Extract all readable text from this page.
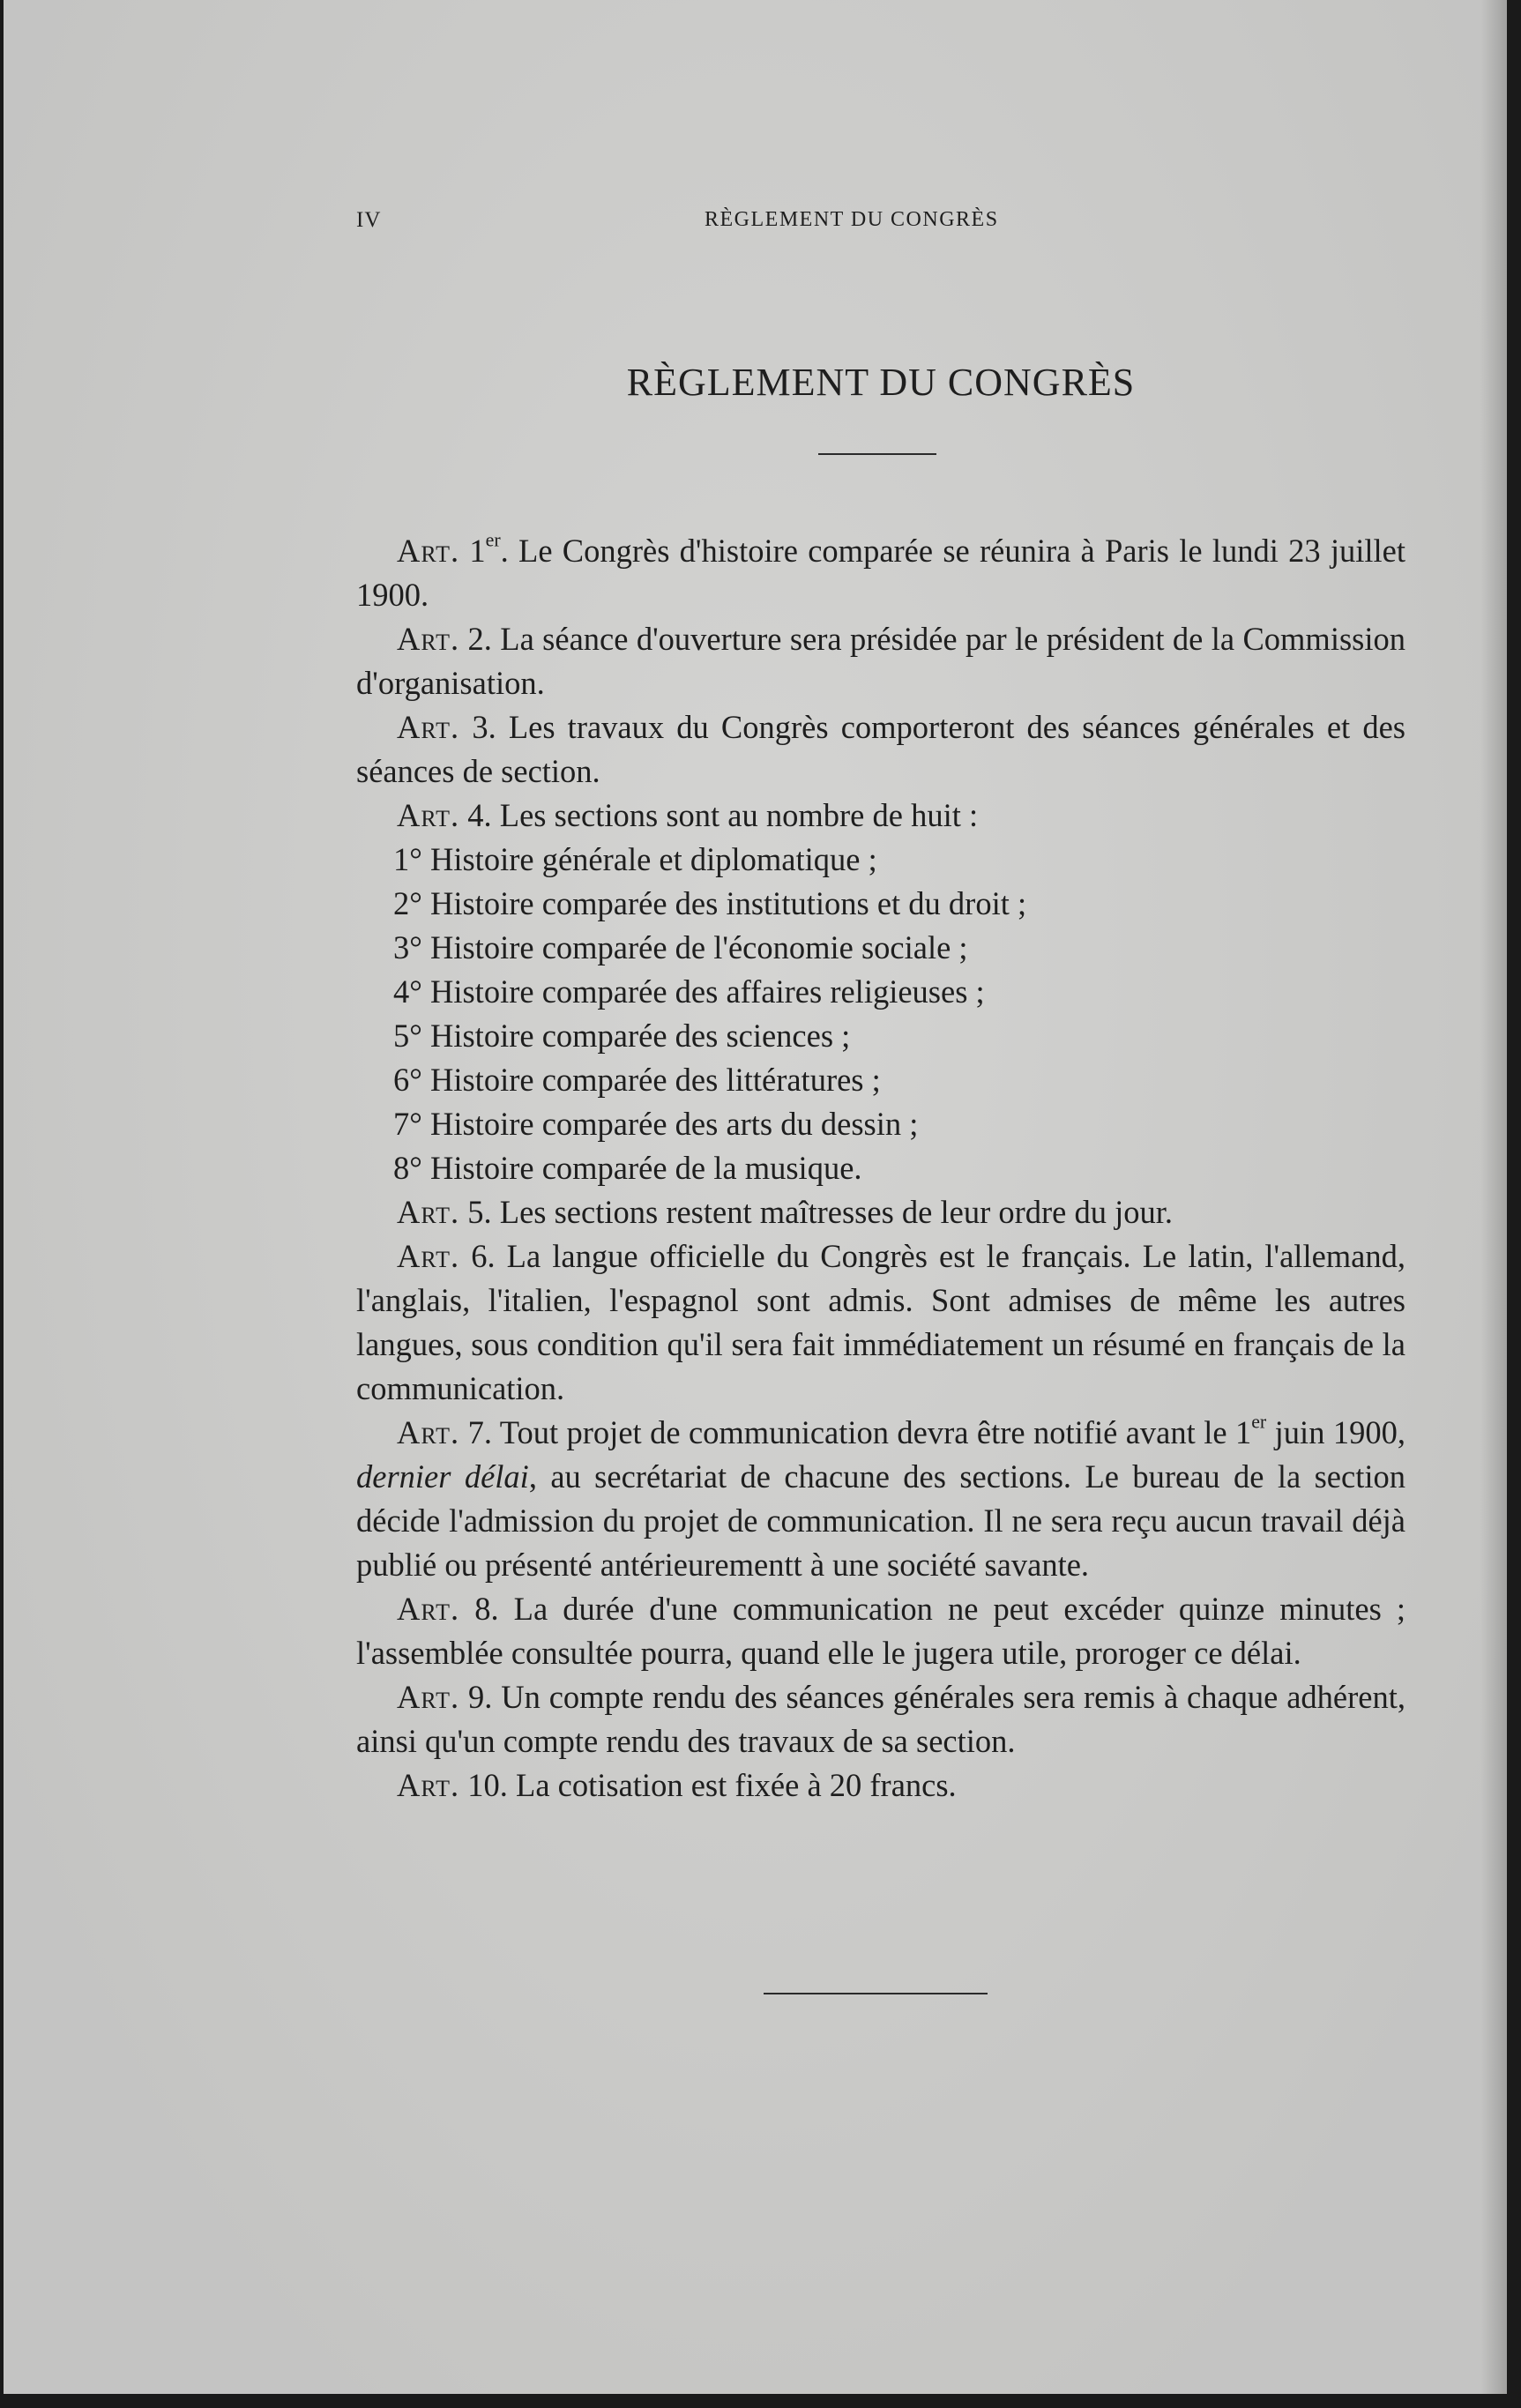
IV	RÈGLEMENT DU CONGRÈS
RÈGLEMENT DU CONGRÈS

Art. 1er. Le Congrès d'histoire comparée se réunira à Paris le lundi 23 juillet 1900.

Art. 2. La séance d'ouverture sera présidée par le président de la Commission d'organisation.

Art. 3. Les travaux du Congrès comporteront des séances générales et des séances de section.

Art. 4. Les sections sont au nombre de huit :

1° Histoire générale et diplomatique ;

2° Histoire comparée des institutions et du droit ;

3° Histoire comparée de l'économie sociale ;

4° Histoire comparée des affaires religieuses ;

5° Histoire comparée des sciences ;

6° Histoire comparée des littératures ;

7° Histoire comparée des arts du dessin ;

8° Histoire comparée de la musique.

Art. 5. Les sections restent maîtresses de leur ordre du jour.

Art. 6. La langue officielle du Congrès est le français. Le latin, l'allemand, l'anglais, l'italien, l'espagnol sont admis. Sont admises de même les autres langues, sous condition qu'il sera fait immédiatement un résumé en français de la communication.

Art. 7. Tout projet de communication devra être notifié avant le 1er juin 1900, dernier délai, au secrétariat de chacune des sections. Le bureau de la section décide l'admission du projet de communication. Il ne sera reçu aucun travail déjà publié ou présenté antérieurementt à une société savante.

Art. 8. La durée d'une communication ne peut excéder quinze minutes ; l'assemblée consultée pourra, quand elle le jugera utile, proroger ce délai.

Art. 9. Un compte rendu des séances générales sera remis à chaque adhérent, ainsi qu'un compte rendu des travaux de sa section.

Art. 10. La cotisation est fixée à 20 francs.
